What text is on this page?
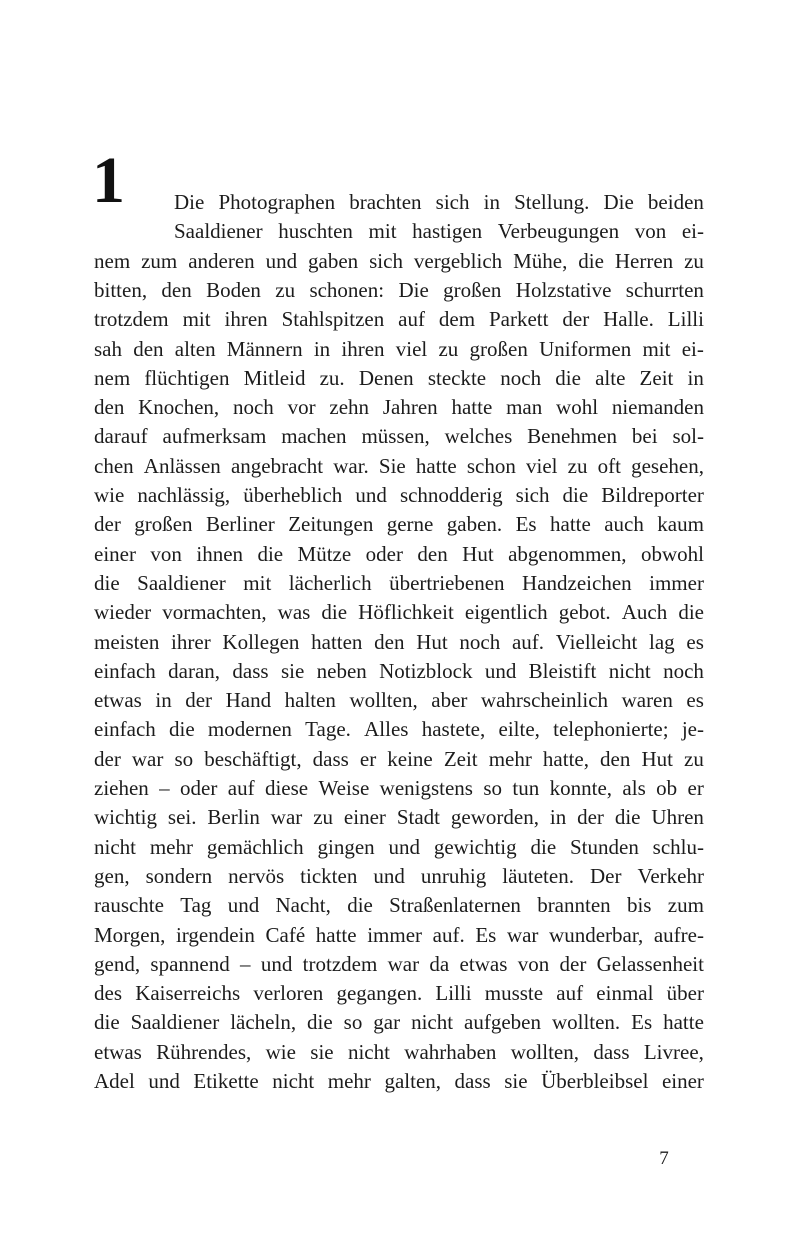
1 Die Photographen brachten sich in Stellung. Die beiden
Saaldiener huschten mit hastigen Verbeugungen von ei-
nem zum anderen und gaben sich vergeblich Mühe, die Herren zu
bitten, den Boden zu schonen: Die großen Holzstative schurrten
trotzdem mit ihren Stahlspitzen auf dem Parkett der Halle. Lilli
sah den alten Männern in ihren viel zu großen Uniformen mit ei-
nem flüchtigen Mitleid zu. Denen steckte noch die alte Zeit in
den Knochen, noch vor zehn Jahren hatte man wohl niemanden
darauf aufmerksam machen müssen, welches Benehmen bei sol-
chen Anlässen angebracht war. Sie hatte schon viel zu oft gesehen,
wie nachlässig, überheblich und schnodderig sich die Bildreporter
der großen Berliner Zeitungen gerne gaben. Es hatte auch kaum
einer von ihnen die Mütze oder den Hut abgenommen, obwohl
die Saaldiener mit lächerlich übertriebenen Handzeichen immer
wieder vormachten, was die Höflichkeit eigentlich gebot. Auch die
meisten ihrer Kollegen hatten den Hut noch auf. Vielleicht lag es
einfach daran, dass sie neben Notizblock und Bleistift nicht noch
etwas in der Hand halten wollten, aber wahrscheinlich waren es
einfach die modernen Tage. Alles hastete, eilte, telephonierte; je-
der war so beschäftigt, dass er keine Zeit mehr hatte, den Hut zu
ziehen – oder auf diese Weise wenigstens so tun konnte, als ob er
wichtig sei. Berlin war zu einer Stadt geworden, in der die Uhren
nicht mehr gemächlich gingen und gewichtig die Stunden schlu-
gen, sondern nervös tickten und unruhig läuteten. Der Verkehr
rauschte Tag und Nacht, die Straßenlaternen brannten bis zum
Morgen, irgendein Café hatte immer auf. Es war wunderbar, aufre-
gend, spannend – und trotzdem war da etwas von der Gelassenheit
des Kaiserreichs verloren gegangen. Lilli musste auf einmal über
die Saaldiener lächeln, die so gar nicht aufgeben wollten. Es hatte
etwas Rührendes, wie sie nicht wahrhaben wollten, dass Livree,
Adel und Etikette nicht mehr galten, dass sie Überbleibsel einer
7
